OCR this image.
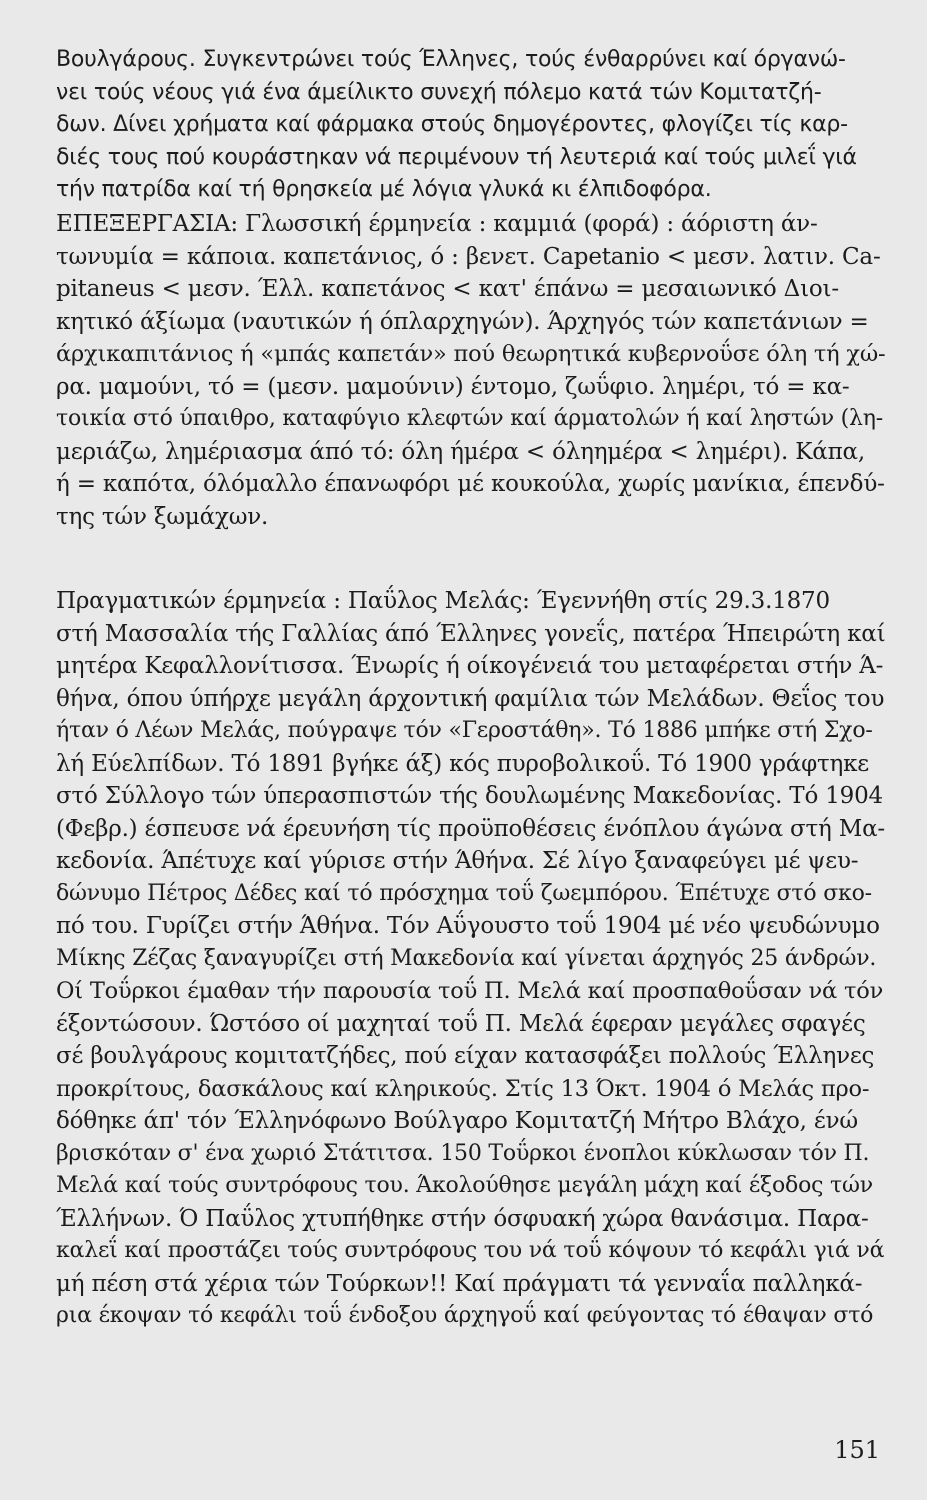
Βουλγάρους. Συγκεντρώνει τούς Έλληνες, τούς ένθαρρύνει καί όργανώ-
νει τούς νέους γιά ένα άμείλικτο συνεχή πόλεμο κατά τών Κομιτατζή-
δων. Δίνει χρήματα καί φάρμακα στούς δημογέροντες, φλογίζει τίς καρ-
διές τους πού κουράστηκαν νά περιμένουν τή λευτεριά καί τούς μιλεΐ γιά
τήν πατρίδα καί τή θρησκεία μέ λόγια γλυκά κι έλπιδοφόρα.
ΕΠΕΞΕΡΓΑΣΙΑ: Γλωσσική έρμηνεία : καμμιά (φορά) : άόριστη άν-
τωνυμία = κάποια. καπετάνιος, ό : βενετ. Capetanio < μεσν. λατιν. Ca-
pitaneus < μεσν. Έλλ. καπετάνος < κατ' έπάνω = μεσαιωνικό Διοι-
κητικό άξίωμα (ναυτικών ή όπλαρχηγών). Άρχηγός τών καπετάνιων =
άρχικαπιτάνιος ή «μπάς καπετάν» πού θεωρητικά κυβερνοΰσε όλη τή χώ-
ρα. μαμούνι, τό = (μεσν. μαμούνιν) έντομο, ζωΰφιο. λημέρι, τό = κα-
τοικία στό ύπαιθρο, καταφύγιο κλεφτών καί άρματολών ή καί ληστών (λη-
μεριάζω, λημέριασμα άπό τό: όλη ήμέρα < όληημέρα < λημέρι). Κάπα,
ή = καπότα, όλόμαλλο έπανωφόρι μέ κουκούλα, χωρίς μανίκια, έπενδύ-
της τών ξωμάχων.
Πραγματικών έρμηνεία : Παΰλος Μελάς: Έγεννήθη στίς 29.3.1870
στή Μασσαλία τής Γαλλίας άπό Έλληνες γονεΐς, πατέρα Ήπειρώτη καί
μητέρα Κεφαλλονίτισσα. Ένωρίς ή οίκογένειά του μεταφέρεται στήν Ά-
θήνα, όπου ύπήρχε μεγάλη άρχοντική φαμίλια τών Μελάδων. Θεΐος του
ήταν ό Λέων Μελάς, πούγραψε τόν «Γεροστάθη». Τό 1886 μπήκε στή Σχο-
λή Εύελπίδων. Τό 1891 βγήκε άξ) κός πυροβολικοΰ. Τό 1900 γράφτηκε
στό Σύλλογο τών ύπερασπιστών τής δουλωμένης Μακεδονίας. Τό 1904
(Φεβρ.) έσπευσε νά έρευνήση τίς προϋποθέσεις ένόπλου άγώνα στή Μα-
κεδονία. Άπέτυχε καί γύρισε στήν Άθήνα. Σέ λίγο ξαναφεύγει μέ ψευ-
δώνυμο Πέτρος Δέδες καί τό πρόσχημα τοΰ ζωεμπόρου. Έπέτυχε στό σκο-
πό του. Γυρίζει στήν Άθήνα. Τόν Αΰγουστο τοΰ 1904 μέ νέο ψευδώνυμο
Μίκης Ζέζας ξαναγυρίζει στή Μακεδονία καί γίνεται άρχηγός 25 άνδρών.
Οί Τοΰρκοι έμαθαν τήν παρουσία τοΰ Π. Μελά καί προσπαθοΰσαν νά τόν
έξοντώσουν. Ώστόσο οί μαχηταί τοΰ Π. Μελά έφεραν μεγάλες σφαγές
σέ βουλγάρους κομιτατζήδες, πού είχαν κατασφάξει πολλούς Έλληνες
προκρίτους, δασκάλους καί κληρικούς. Στίς 13 Όκτ. 1904 ό Μελάς προ-
δόθηκε άπ' τόν Έλληνόφωνο Βούλγαρο Κομιτατζή Μήτρο Βλάχο, ένώ
βρισκόταν σ' ένα χωριό Στάτιτσα. 150 Τοΰρκοι ένοπλοι κύκλωσαν τόν Π.
Μελά καί τούς συντρόφους του. Άκολούθησε μεγάλη μάχη καί έξοδος τών
Έλλήνων. Ό Παΰλος χτυπήθηκε στήν όσφυακή χώρα θανάσιμα. Παρα-
καλεΐ καί προστάζει τούς συντρόφους του νά τοΰ κόψουν τό κεφάλι γιά νά
μή πέση στά χέρια τών Τούρκων!! Καί πράγματι τά γενναΐα παλληκά-
ρια έκοψαν τό κεφάλι τοΰ ένδοξου άρχηγοΰ καί φεύγοντας τό έθαψαν στό
151
